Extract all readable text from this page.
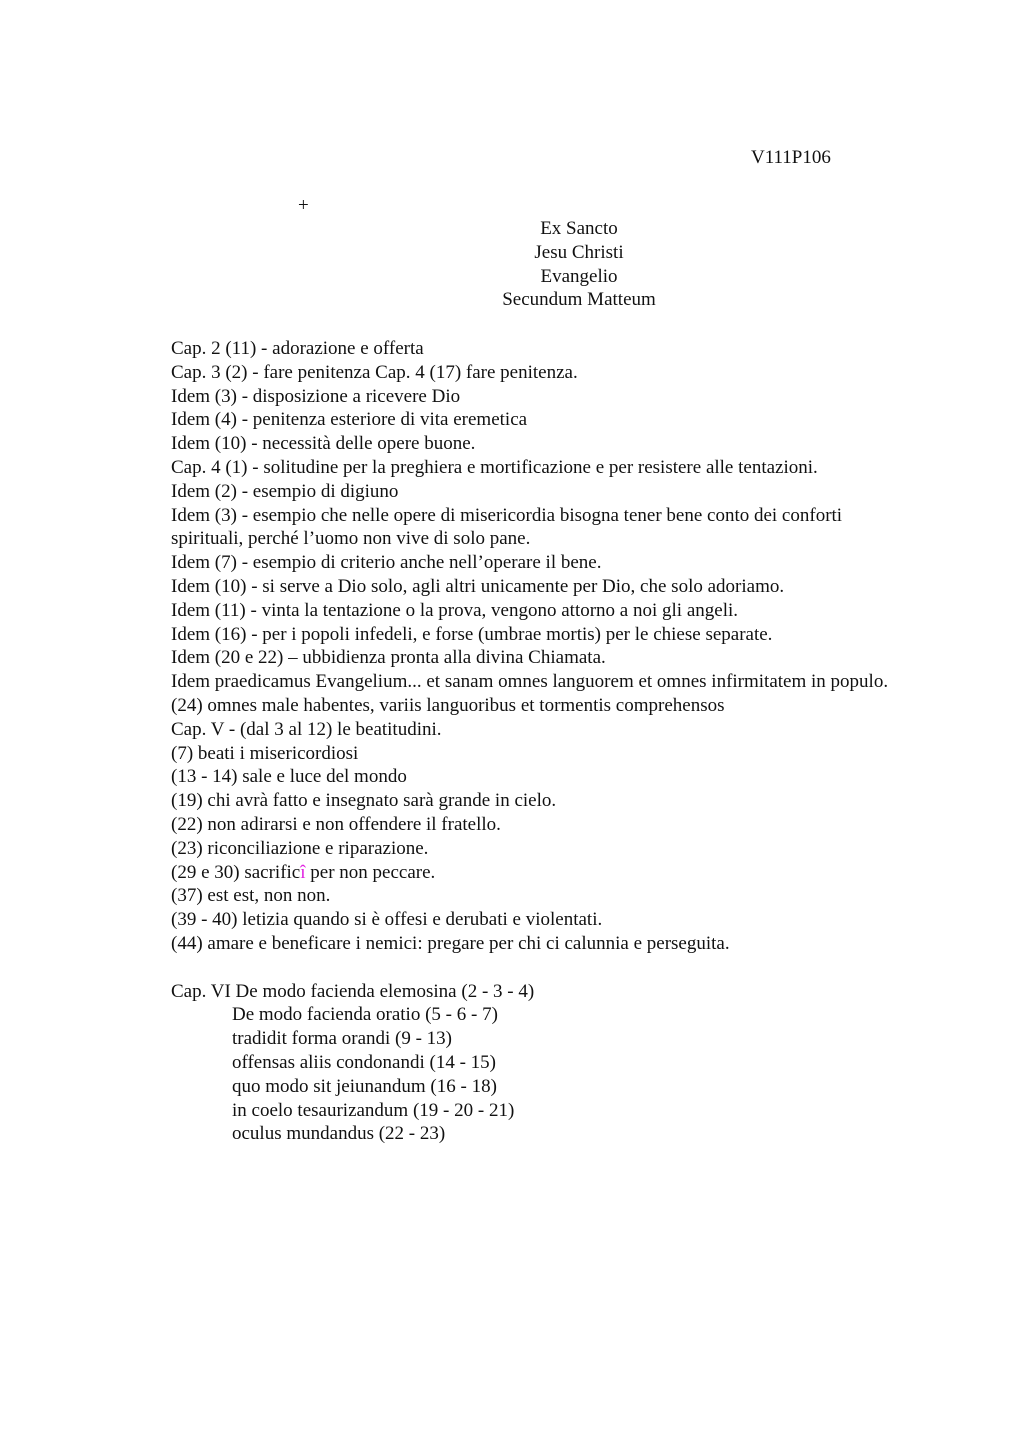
V111P106
+
Ex Sancto
Jesu Christi
Evangelio
Secundum Matteum
Cap. 2 (11) - adorazione e offerta
Cap. 3 (2) - fare penitenza Cap. 4 (17) fare penitenza.
Idem (3) - disposizione a ricevere Dio
Idem (4) - penitenza esteriore di vita eremetica
Idem (10) - necessità delle opere buone.
Cap. 4 (1) - solitudine per la preghiera e mortificazione e per resistere alle tentazioni.
Idem (2) - esempio di digiuno
Idem (3) - esempio che nelle opere di misericordia bisogna tener bene conto dei conforti spirituali, perché l’uomo non vive di solo pane.
Idem (7) - esempio di criterio anche nell’operare il bene.
Idem (10) - si serve a Dio solo, agli altri unicamente per Dio, che solo adoriamo.
Idem (11) - vinta la tentazione o la prova, vengono attorno a noi gli angeli.
Idem (16) - per i popoli infedeli, e forse (umbrae mortis) per le chiese separate.
Idem (20 e 22) – ubbidienza pronta alla divina Chiamata.
Idem praedicamus Evangelium... et sanam omnes languorem et omnes infirmitatem in populo. (24) omnes male habentes, variis languoribus et tormentis comprehensos
Cap. V - (dal 3 al 12) le beatitudini.
(7) beati i misericordiosi
(13 - 14) sale e luce del mondo
(19) chi avrà fatto e insegnato sarà grande in cielo.
(22) non adirarsi e non offendere il fratello.
(23) riconciliazione e riparazione.
(29 e 30) sacrificî per non peccare.
(37) est est, non non.
(39 - 40) letizia quando si è offesi e derubati e violentati.
(44) amare e beneficare i nemici: pregare per chi ci calunnia e perseguita.
Cap. VI De modo facienda elemosina (2 - 3 - 4)
De modo facienda oratio (5 - 6 - 7)
tradidit forma orandi (9 - 13)
offensas aliis condonandi (14 - 15)
quo modo sit jeiunandum (16 - 18)
in coelo tesaurizandum (19 - 20 - 21)
oculus mundandus (22 - 23)
